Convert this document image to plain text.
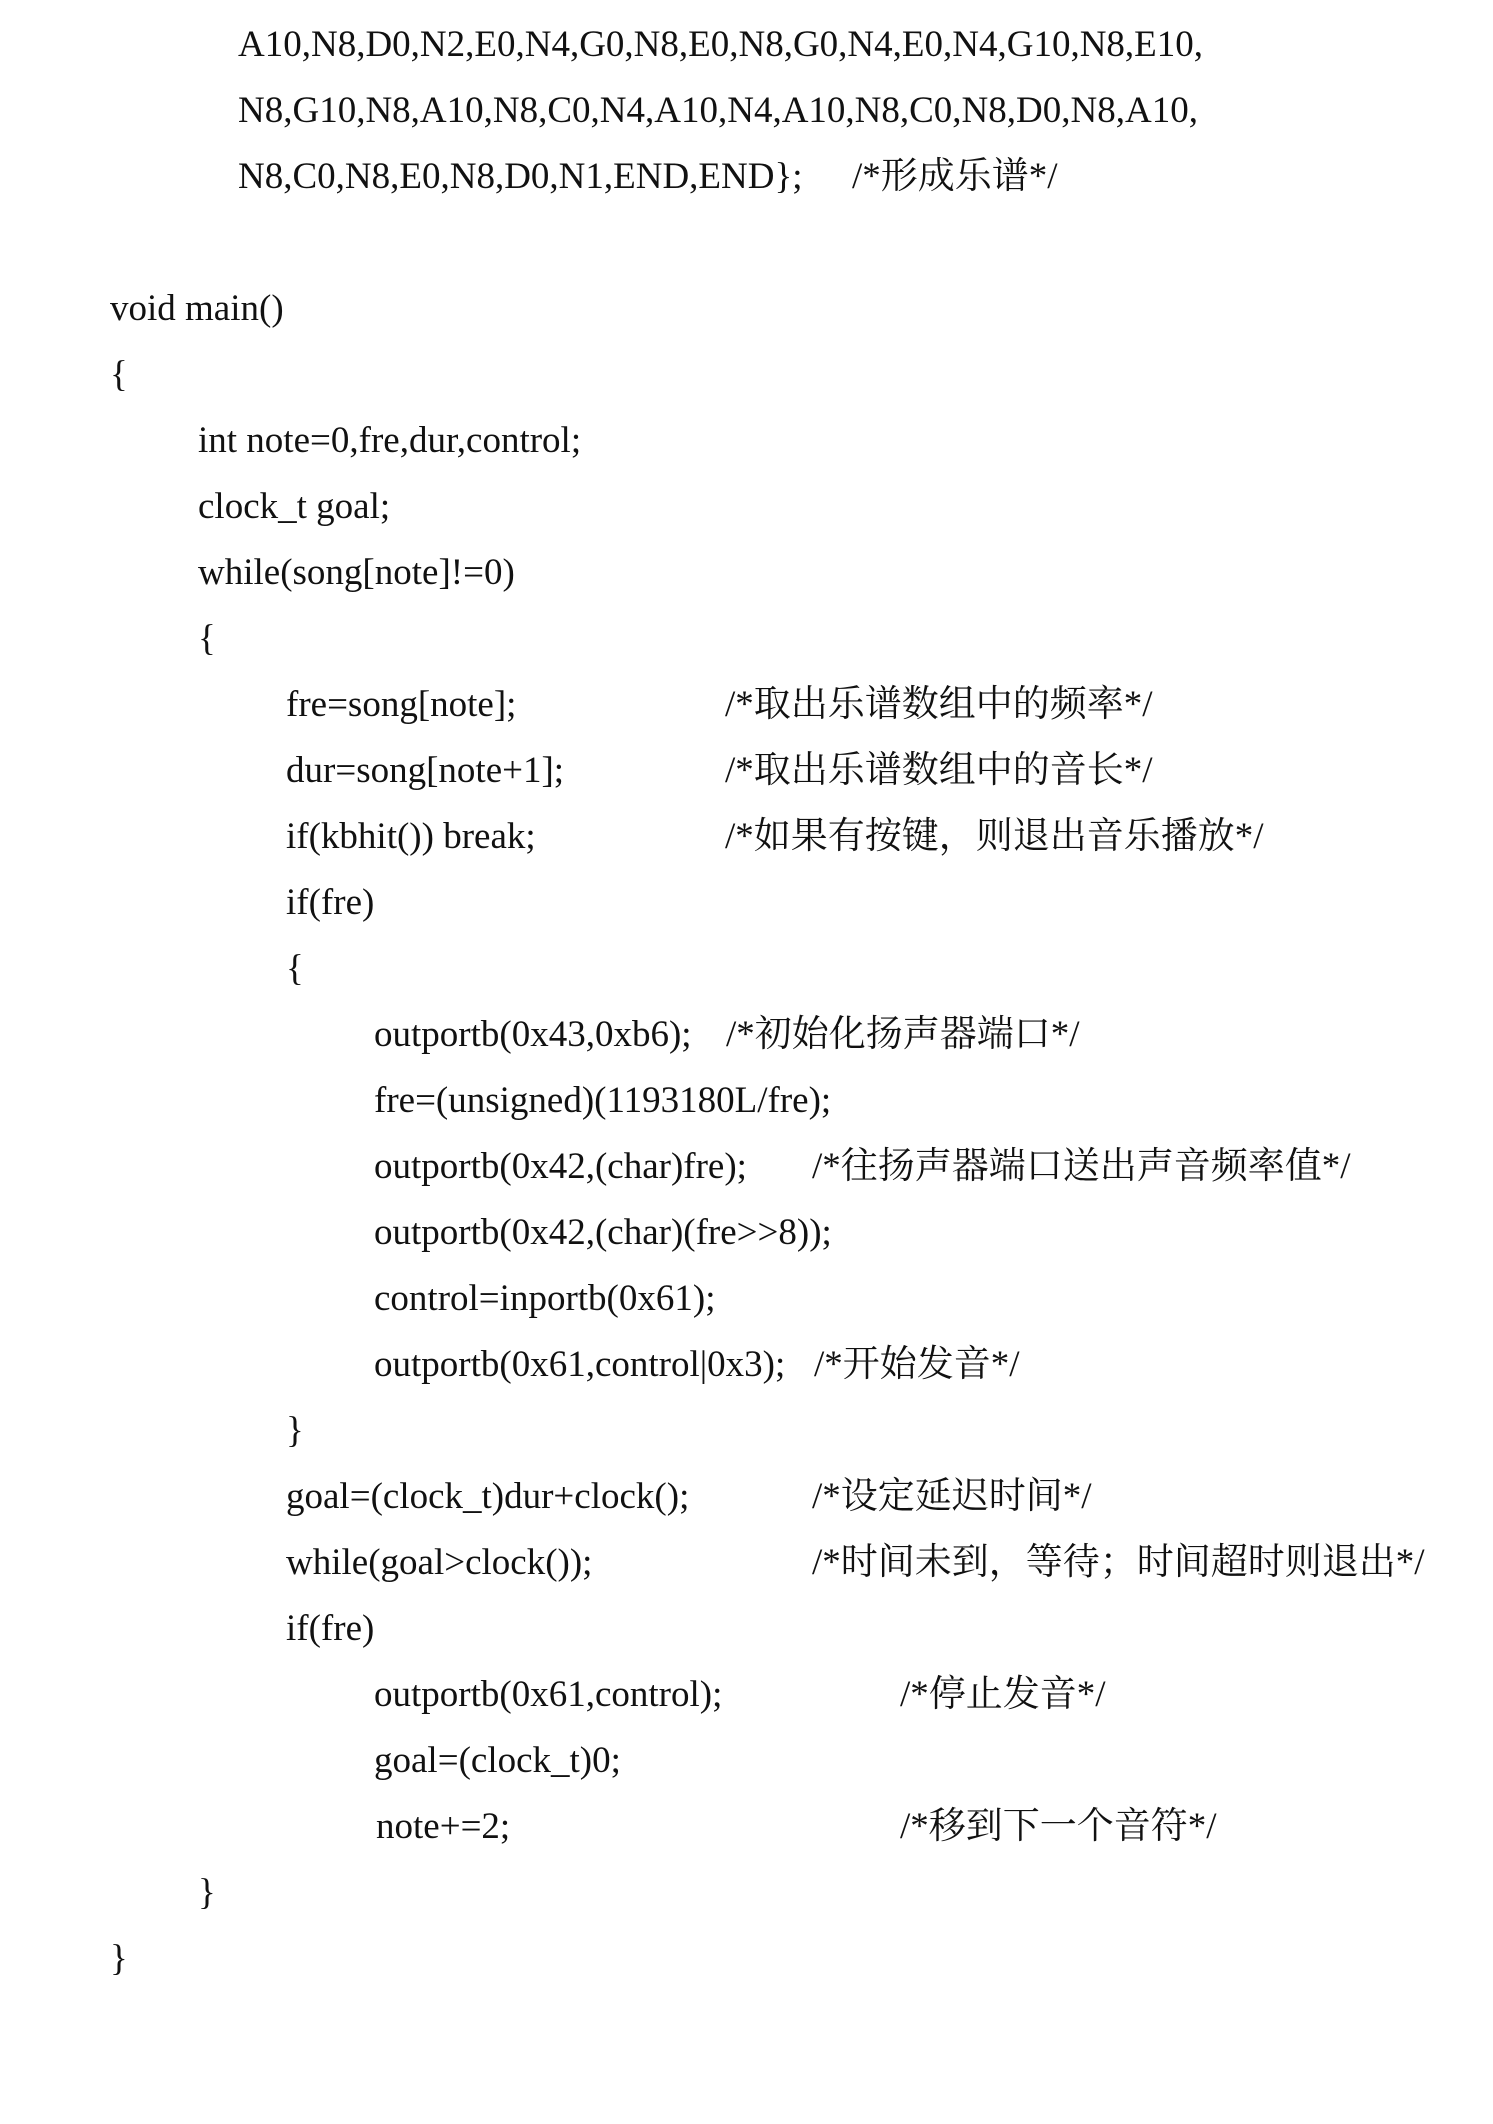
A10,N8,D0,N2,E0,N4,G0,N8,E0,N8,G0,N4,E0,N4,G10,N8,E10,

N8,G10,N8,A10,N8,C0,N4,A10,N4,A10,N8,C0,N8,D0,N8,A10,

N8,C0,N8,E0,N8,D0,N1,END,END};

/*形成乐谱*/

void main()

{

int note=0,fre,dur,control;

clock_t goal;

while(song[note]!=0)

{

fre=song[note];

	/*取出乐谱数组中的频率*/

dur=song[note+1];

	/*取出乐谱数组中的音长*/

if(kbhit()) break;

	/*如果有按键，则退出音乐播放*/

if(fre)

{

outportb(0x43,0xb6);

/*初始化扬声器端口*/

fre=(unsigned)(1193180L/fre);

outportb(0x42,(char)fre);

/*往扬声器端口送出声音频率值*/

outportb(0x42,(char)(fre>>8));

control=inportb(0x61);

outportb(0x61,control|0x3);

/*开始发音*/

}

goal=(clock_t)dur+clock();

	/*设定延迟时间*/

while(goal>clock());

	/*时间未到，等待；时间超时则退出*/

if(fre)

outportb(0x61,control);

	/*停止发音*/

goal=(clock_t)0;

note+=2;

	/*移到下一个音符*/

}

}
